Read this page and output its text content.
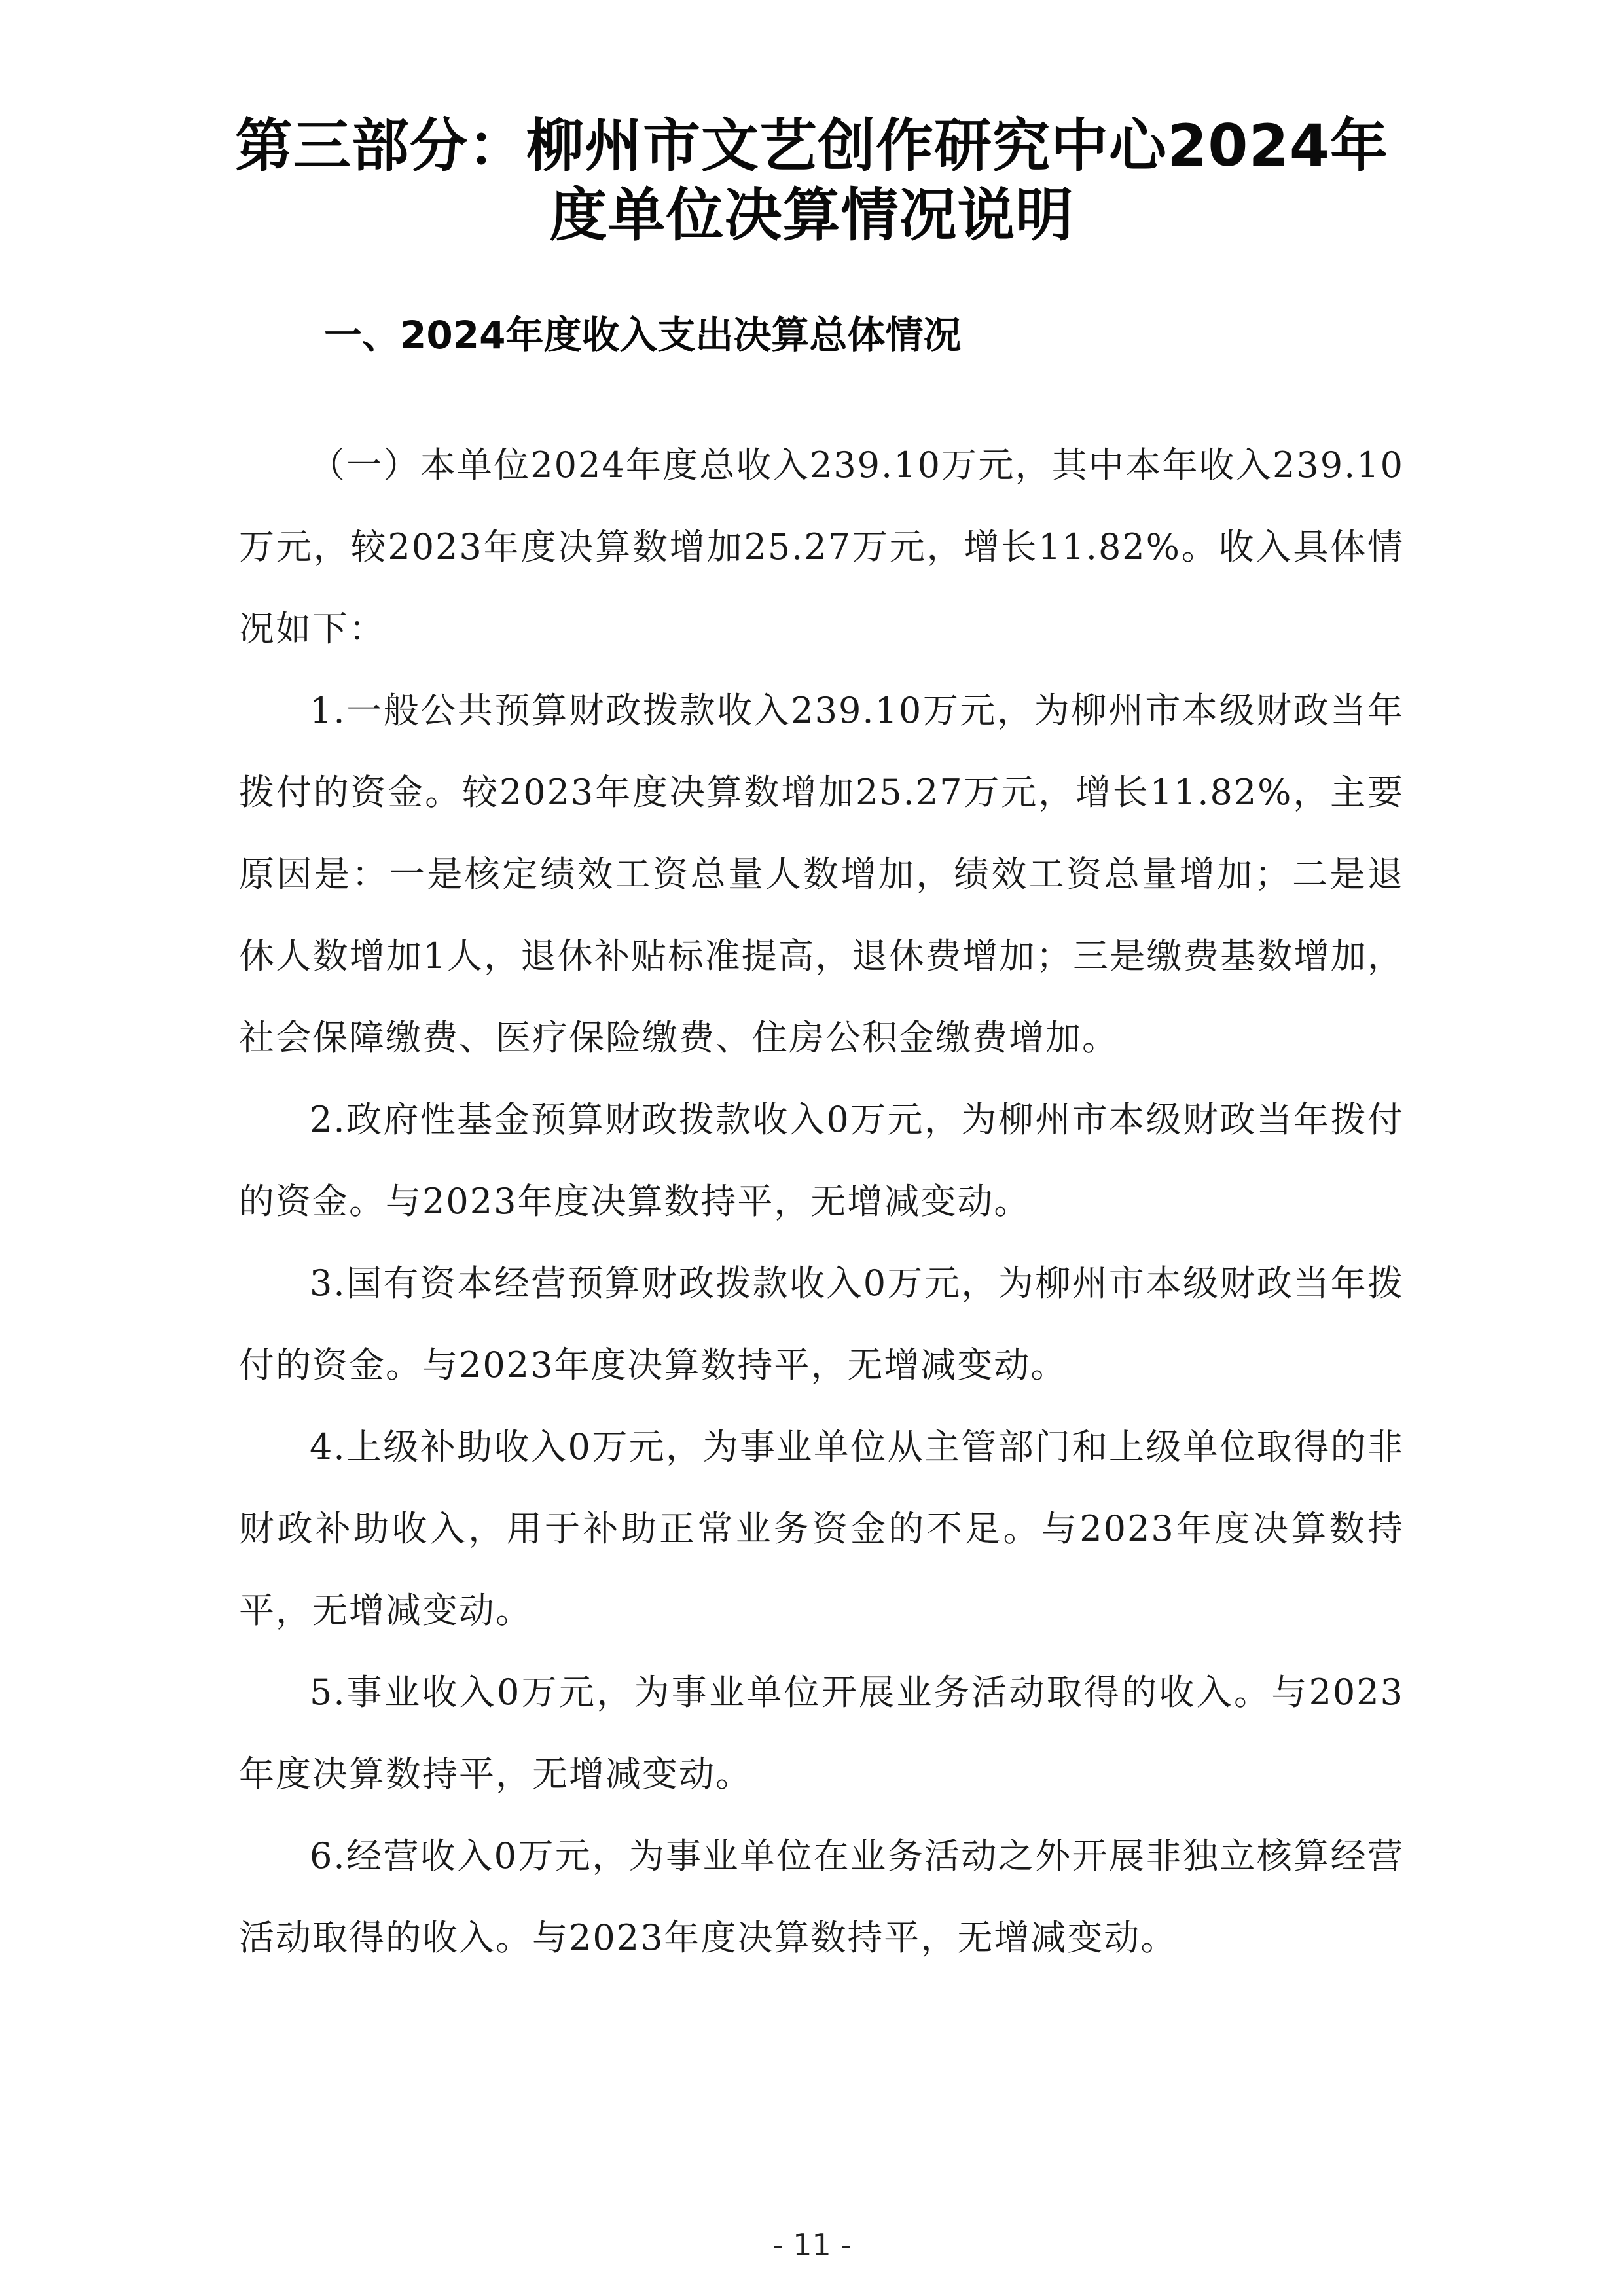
第三部分：柳州市文艺创作研究中心2024年
度单位决算情况说明
一、2024年度收入支出决算总体情况

（一）本单位2024年度总收入239.10万元，其中本年收入239.10万元，较2023年度决算数增加25.27万元，增长11.82%。收入具体情况如下：

1.一般公共预算财政拨款收入239.10万元，为柳州市本级财政当年拨付的资金。较2023年度决算数增加25.27万元，增长11.82%，主要原因是：一是核定绩效工资总量人数增加，绩效工资总量增加；二是退休人数增加1人，退休补贴标准提高，退休费增加；三是缴费基数增加，社会保障缴费、医疗保险缴费、住房公积金缴费增加。

2.政府性基金预算财政拨款收入0万元，为柳州市本级财政当年拨付的资金。与2023年度决算数持平，无增减变动。

3.国有资本经营预算财政拨款收入0万元，为柳州市本级财政当年拨付的资金。与2023年度决算数持平，无增减变动。

4.上级补助收入0万元，为事业单位从主管部门和上级单位取得的非财政补助收入，用于补助正常业务资金的不足。与2023年度决算数持平，无增减变动。

5.事业收入0万元，为事业单位开展业务活动取得的收入。与2023年度决算数持平，无增减变动。

6.经营收入0万元，为事业单位在业务活动之外开展非独立核算经营活动取得的收入。与2023年度决算数持平，无增减变动。

- 11 -
